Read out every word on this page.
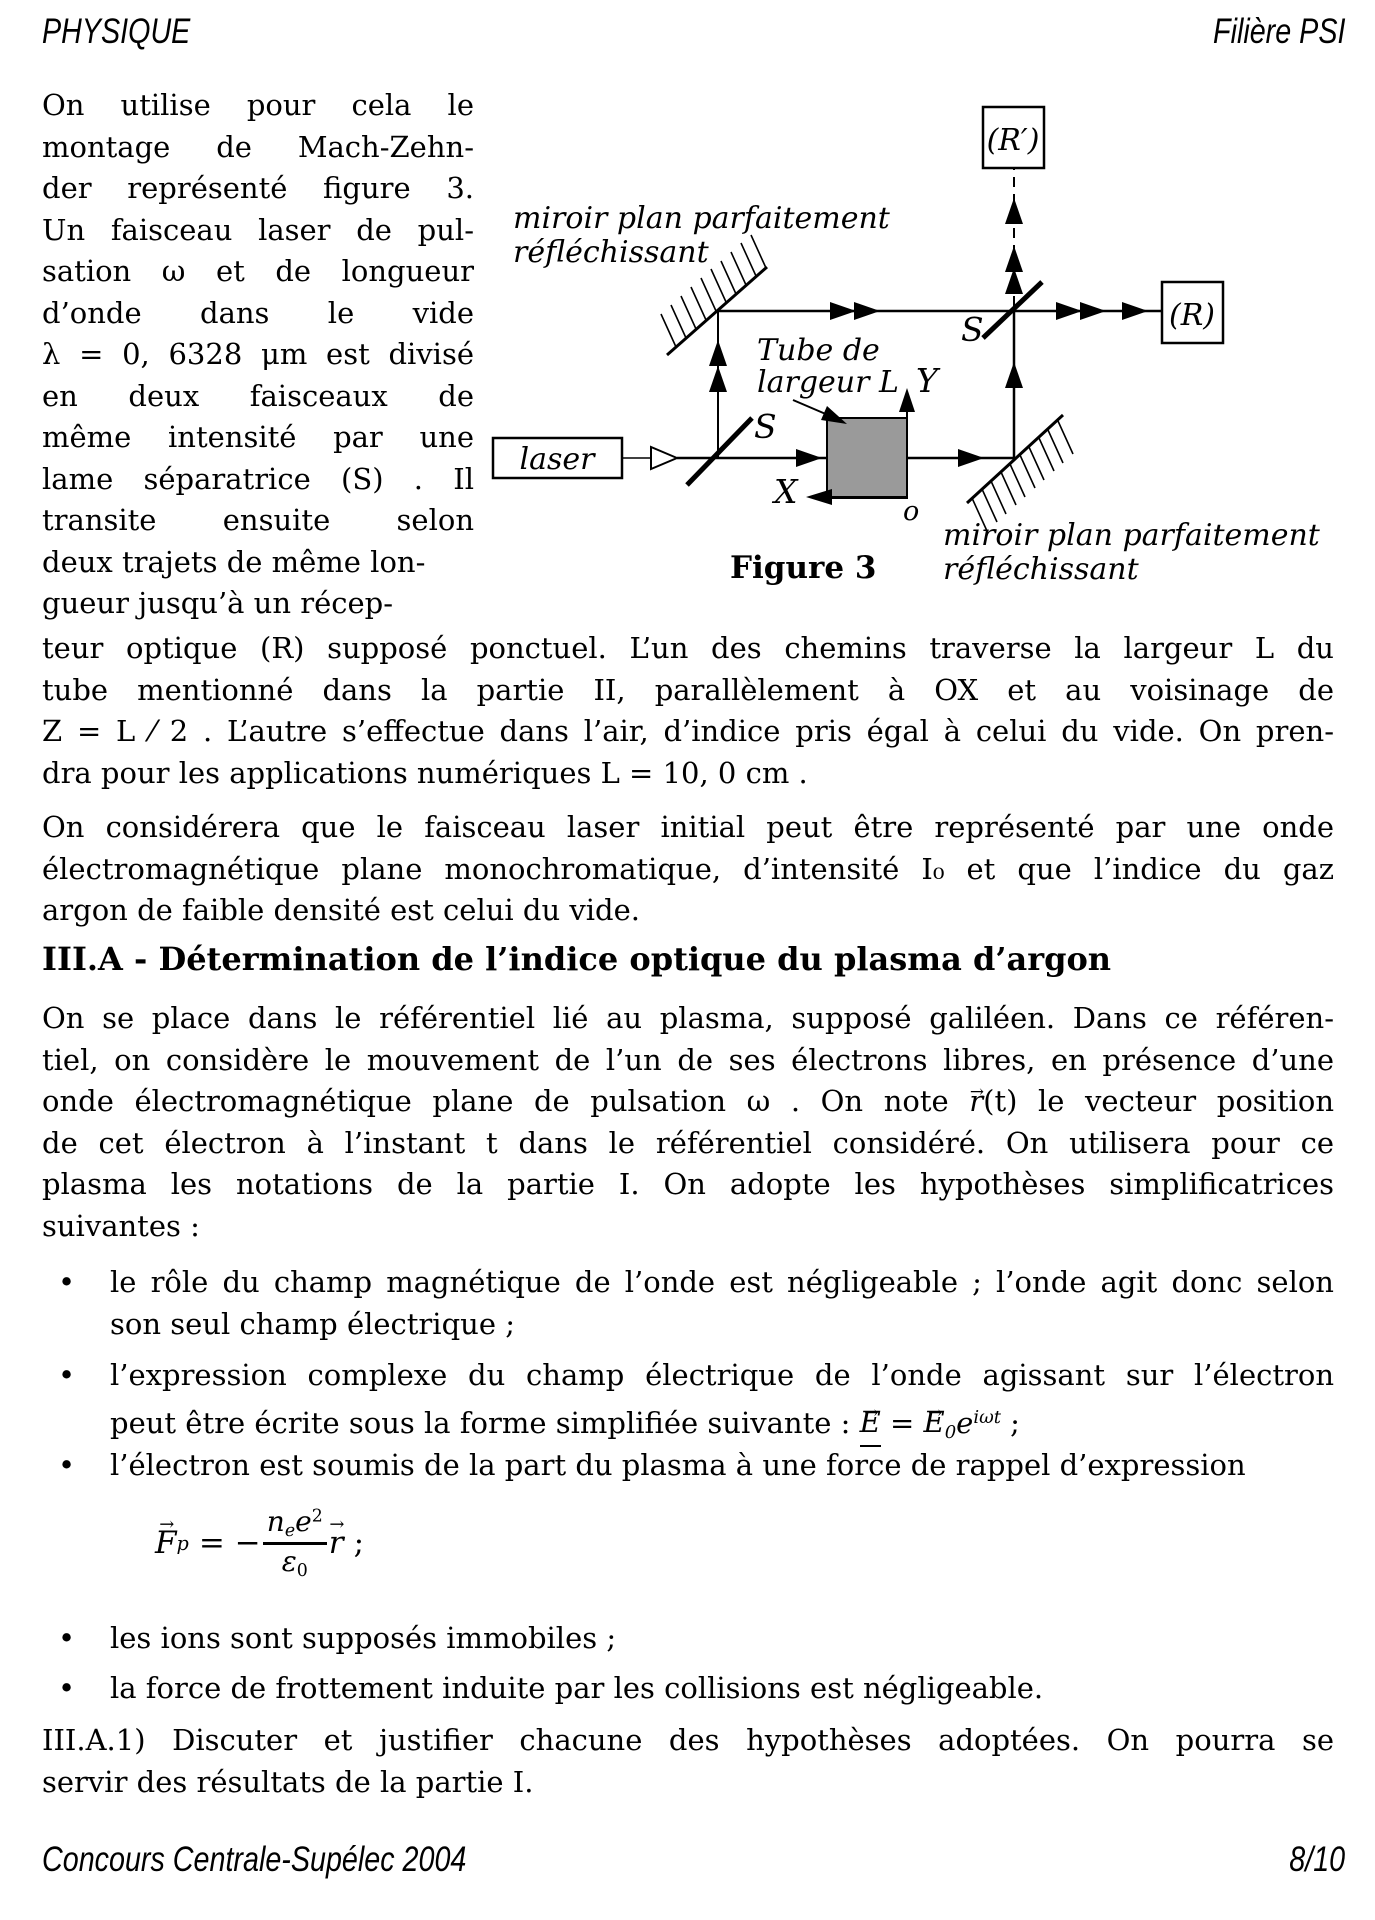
PHYSIQUE	Filière PSI
On utilise pour cela le
montage de Mach-Zehn-
der représenté figure 3.
Un faisceau laser de pul-
sation ω et de longueur
d’onde dans le vide
λ = 0, 6328 μm est divisé
en deux faisceaux de
même intensité par une
lame séparatrice (S) . Il
transite ensuite selon
deux trajets de même lon-
gueur jusqu’à un récep-
laser
S
S
(R′)
(R)
Tube de
largeur L Y
X
o
miroir plan parfaitement
réfléchissant
miroir plan parfaitement
réfléchissant
Figure 3
teur optique (R) supposé ponctuel. L’un des chemins traverse la largeur L du
tube mentionné dans la partie II, parallèlement à OX et au voisinage de
Z = L ⁄ 2 . L’autre s’effectue dans l’air, d’indice pris égal à celui du vide. On pren-
dra pour les applications numériques L = 10, 0 cm .
On considérera que le faisceau laser initial peut être représenté par une onde
électromagnétique plane monochromatique, d’intensité I₀ et que l’indice du gaz
argon de faible densité est celui du vide.
III.A - Détermination de l’indice optique du plasma d’argon
On se place dans le référentiel lié au plasma, supposé galiléen. Dans ce référen-
tiel, on considère le mouvement de l’un de ses électrons libres, en présence d’une
onde électromagnétique plane de pulsation ω . On note r →(t) le vecteur position
de cet électron à l’instant t dans le référentiel considéré. On utilisera pour ce
plasma les notations de la partie I. On adopte les hypothèses simplificatrices
suivantes :
• le rôle du champ magnétique de l’onde est négligeable ; l’onde agit donc selon
son seul champ électrique ;
• l’expression complexe du champ électrique de l’onde agissant sur l’électron
peut être écrite sous la forme simplifiée suivante : E → = $E \to 0e^{i\omega t}$ ;
• l’électron est soumis de la part du plasma à une force de rappel d’expression
F → p = − $\frac{nee^2}{\varepsilon 0}$ r → ;
• les ions sont supposés immobiles ;
• la force de frottement induite par les collisions est négligeable.
III.A.1) Discuter et justifier chacune des hypothèses adoptées. On pourra se
servir des résultats de la partie I.
Concours Centrale-Supélec 2004	8/10
